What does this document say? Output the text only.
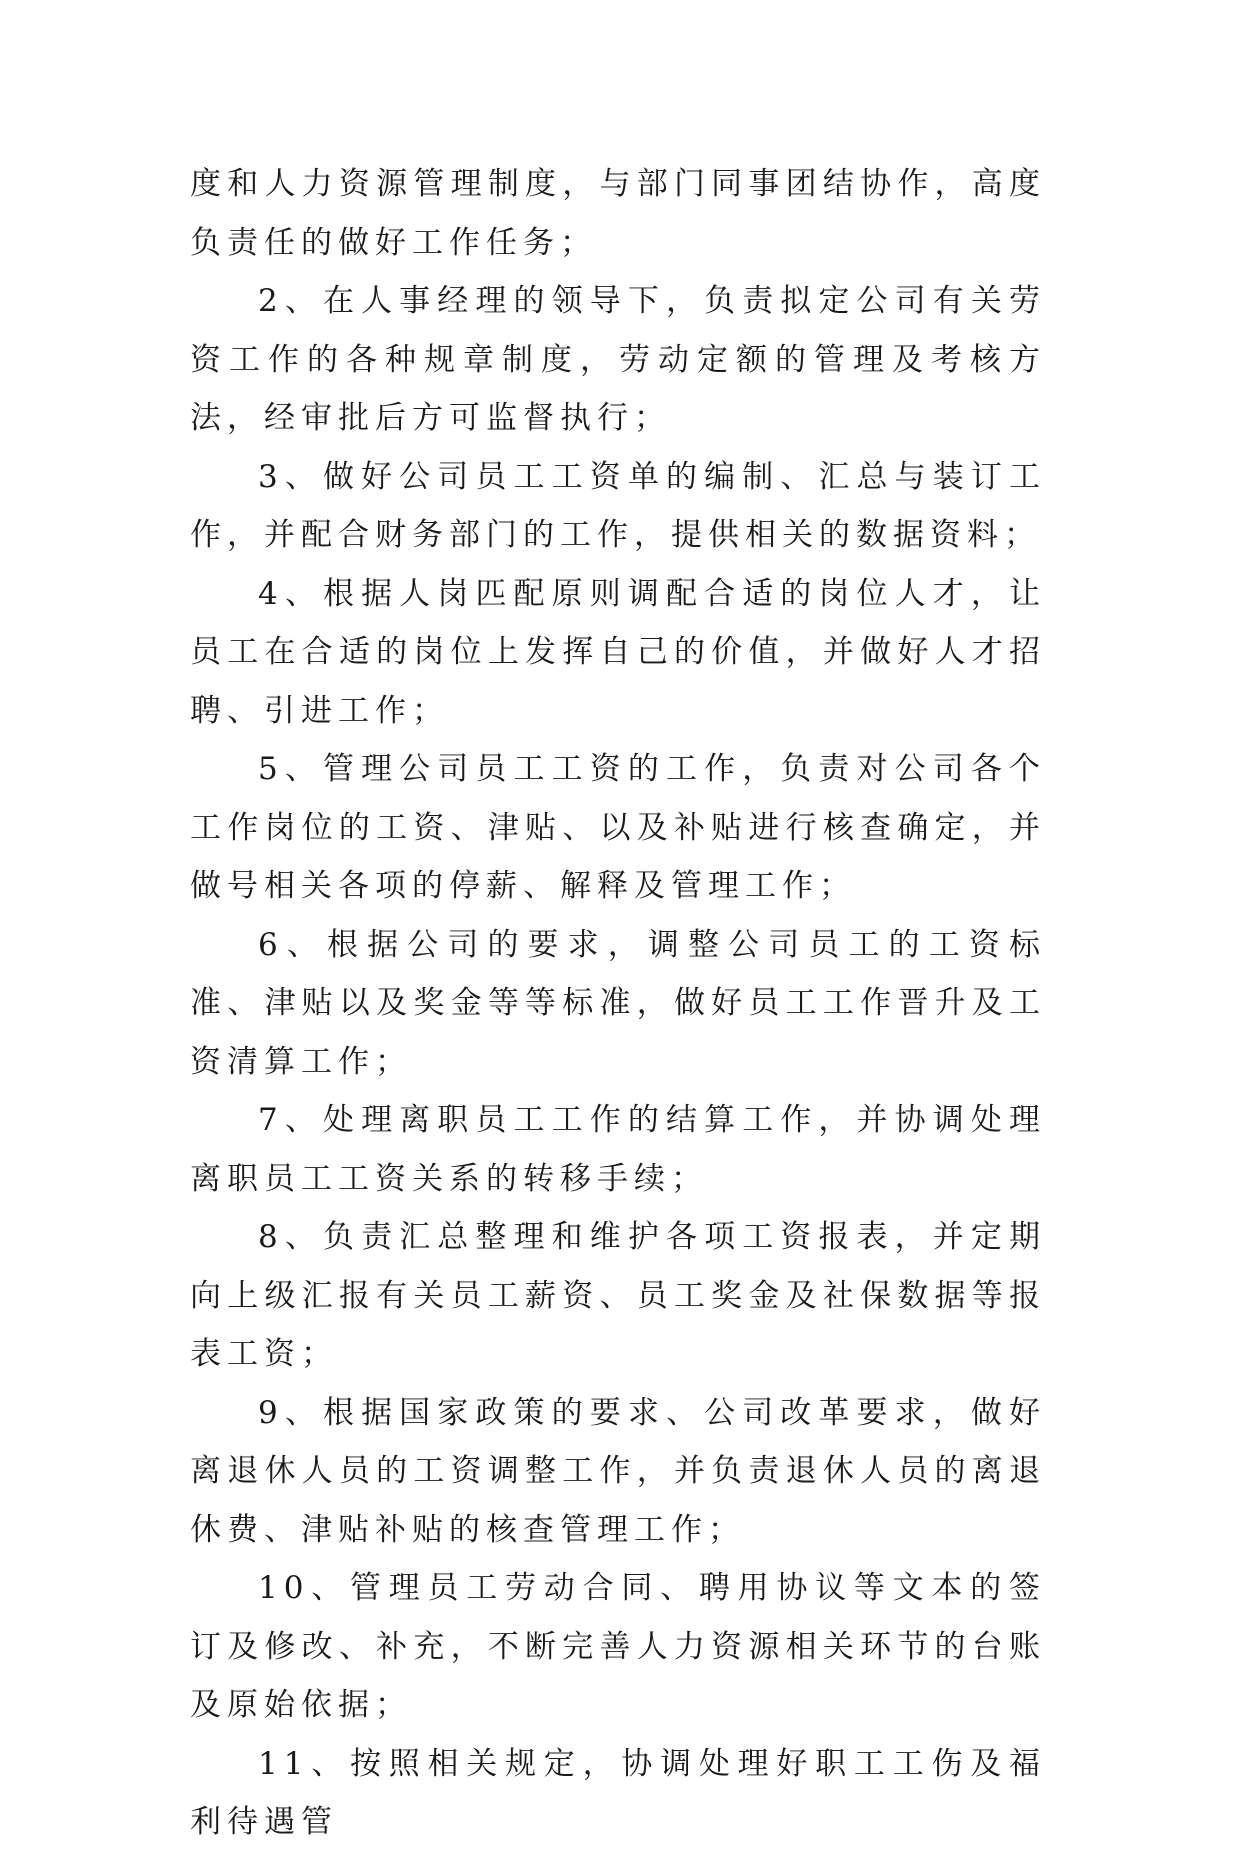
度和人力资源管理制度，与部门同事团结协作，高度负责任的做好工作任务；

2、在人事经理的领导下，负责拟定公司有关劳资工作的各种规章制度，劳动定额的管理及考核方法，经审批后方可监督执行；

3、做好公司员工工资单的编制、汇总与装订工作，并配合财务部门的工作，提供相关的数据资料；

4、根据人岗匹配原则调配合适的岗位人才，让员工在合适的岗位上发挥自己的价值，并做好人才招聘、引进工作；

5、管理公司员工工资的工作，负责对公司各个工作岗位的工资、津贴、以及补贴进行核查确定，并做号相关各项的停薪、解释及管理工作；

6、根据公司的要求，调整公司员工的工资标准、津贴以及奖金等等标准，做好员工工作晋升及工资清算工作；

7、处理离职员工工作的结算工作，并协调处理离职员工工资关系的转移手续；

8、负责汇总整理和维护各项工资报表，并定期向上级汇报有关员工薪资、员工奖金及社保数据等报表工资；

9、根据国家政策的要求、公司改革要求，做好离退休人员的工资调整工作，并负责退休人员的离退休费、津贴补贴的核查管理工作；

10、管理员工劳动合同、聘用协议等文本的签订及修改、补充，不断完善人力资源相关环节的台账及原始依据；

11、按照相关规定，协调处理好职工工伤及福利待遇管
